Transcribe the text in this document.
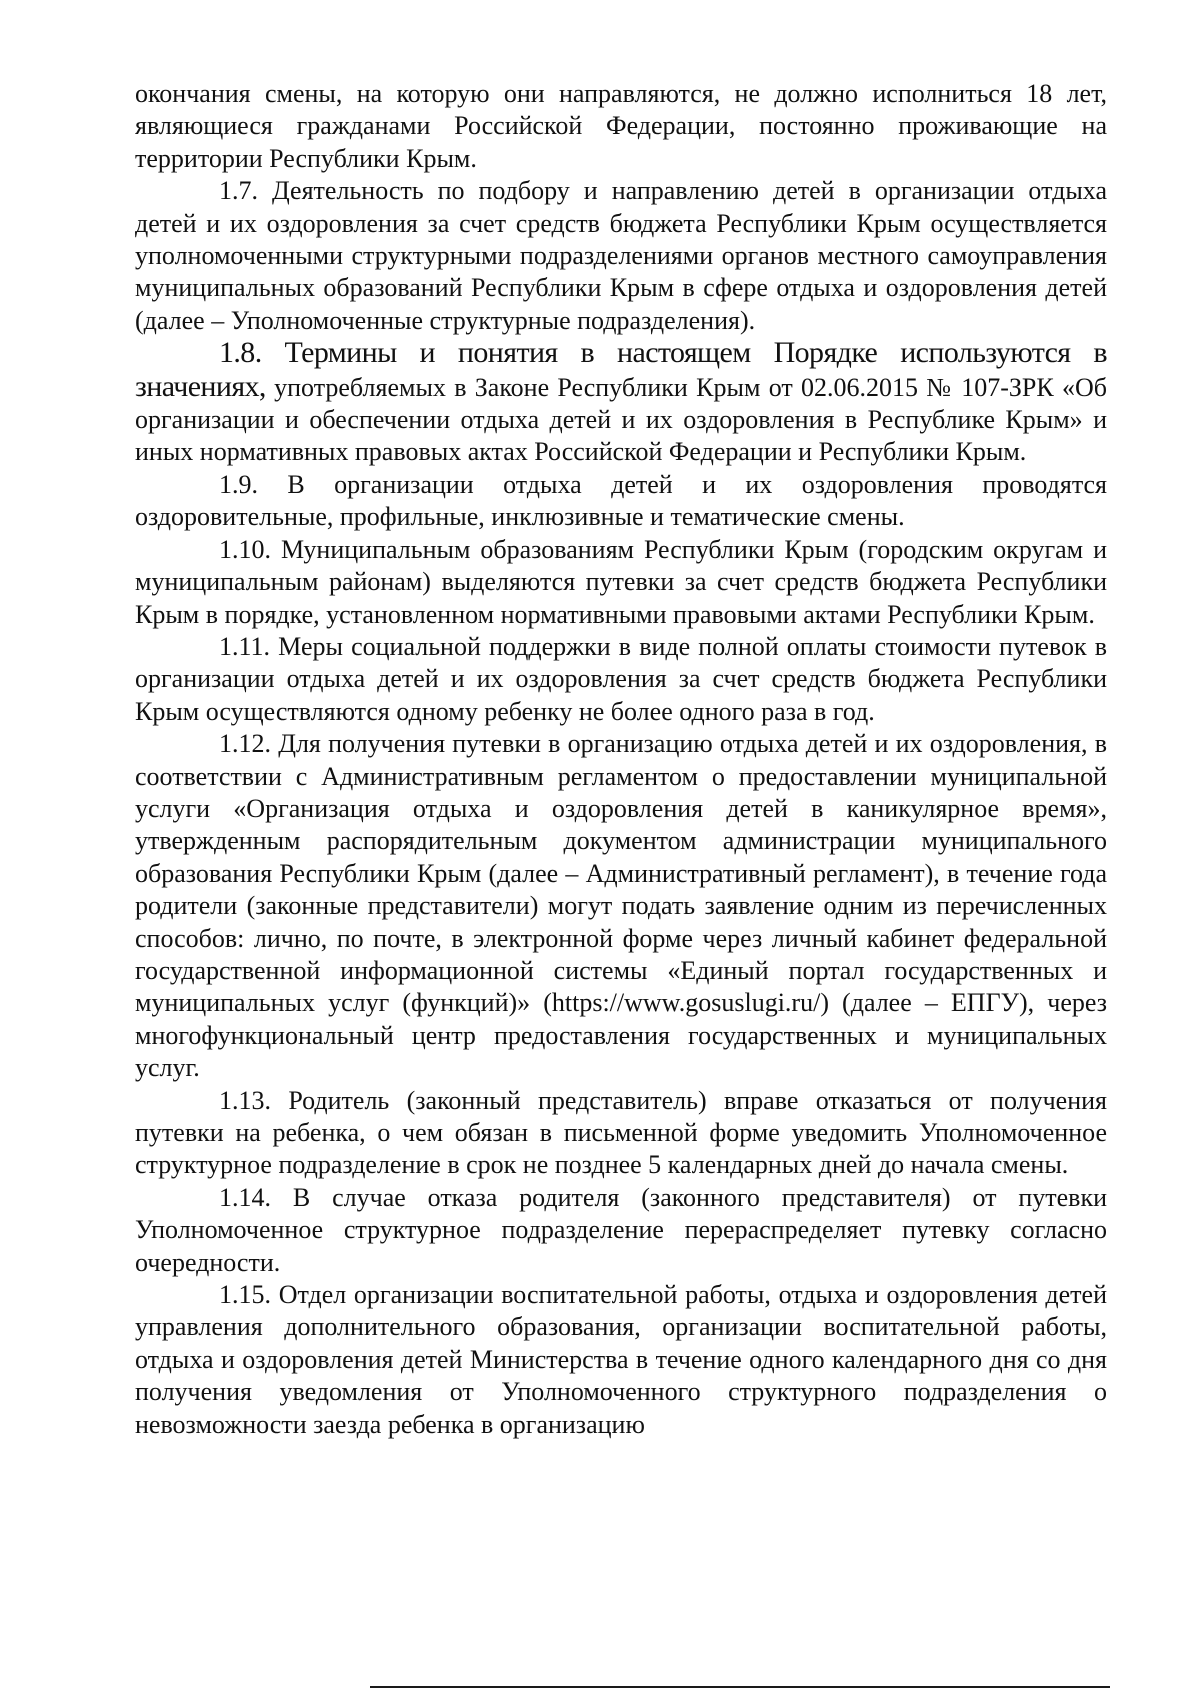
окончания смены, на которую они направляются, не должно исполниться 18 лет, являющиеся гражданами Российской Федерации, постоянно проживающие на территории Республики Крым.

1.7. Деятельность по подбору и направлению детей в организации отдыха детей и их оздоровления за счет средств бюджета Республики Крым осуществляется уполномоченными структурными подразделениями органов местного самоуправления муниципальных образований Республики Крым в сфере отдыха и оздоровления детей (далее – Уполномоченные структурные подразделения).

1.8. Термины и понятия в настоящем Порядке используются в значениях, употребляемых в Законе Республики Крым от 02.06.2015 № 107-ЗРК «Об организации и обеспечении отдыха детей и их оздоровления в Республике Крым» и иных нормативных правовых актах Российской Федерации и Республики Крым.

1.9. В организации отдыха детей и их оздоровления проводятся оздоровительные, профильные, инклюзивные и тематические смены.

1.10. Муниципальным образованиям Республики Крым (городским округам и муниципальным районам) выделяются путевки за счет средств бюджета Республики Крым в порядке, установленном нормативными правовыми актами Республики Крым.

1.11. Меры социальной поддержки в виде полной оплаты стоимости путевок в организации отдыха детей и их оздоровления за счет средств бюджета Республики Крым осуществляются одному ребенку не более одного раза в год.

1.12. Для получения путевки в организацию отдыха детей и их оздоровления, в соответствии с Административным регламентом о предоставлении муниципальной услуги «Организация отдыха и оздоровления детей в каникулярное время», утвержденным распорядительным документом администрации муниципального образования Республики Крым (далее – Административный регламент), в течение года родители (законные представители) могут подать заявление одним из перечисленных способов: лично, по почте, в электронной форме через личный кабинет федеральной государственной информационной системы «Единый портал государственных и муниципальных услуг (функций)» (https://www.gosuslugi.ru/) (далее – ЕПГУ), через многофункциональный центр предоставления государственных и муниципальных услуг.

1.13. Родитель (законный представитель) вправе отказаться от получения путевки на ребенка, о чем обязан в письменной форме уведомить Уполномоченное структурное подразделение в срок не позднее 5 календарных дней до начала смены.

1.14. В случае отказа родителя (законного представителя) от путевки Уполномоченное структурное подразделение перераспределяет путевку согласно очередности.

1.15. Отдел организации воспитательной работы, отдыха и оздоровления детей управления дополнительного образования, организации воспитательной работы, отдыха и оздоровления детей Министерства в течение одного календарного дня со дня получения уведомления от Уполномоченного структурного подразделения о невозможности заезда ребенка в организацию
